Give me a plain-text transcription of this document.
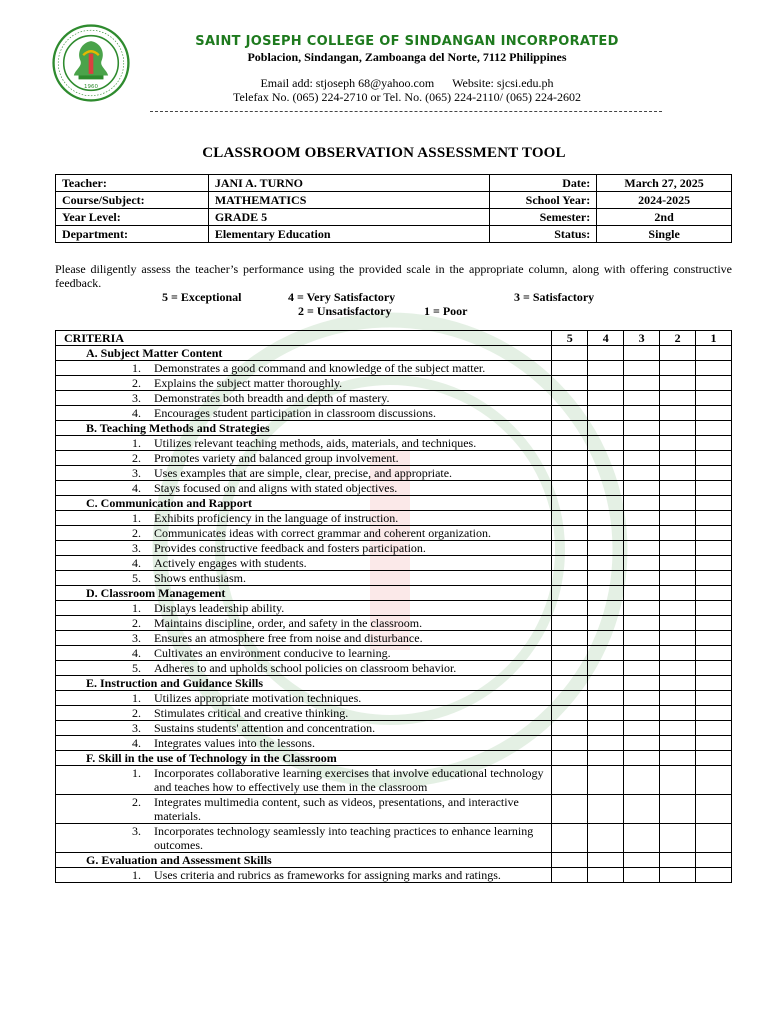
1960
SAINT JOSEPH COLLEGE OF SINDANGAN INCORPORATED
Poblacion, Sindangan, Zamboanga del Norte, 7112 Philippines
Email add: stjoseph 68@yahoo.com Website: sjcsi.edu.ph
Telefax No. (065) 224-2710 or Tel. No. (065) 224-2110/ (065) 224-2602
CLASSROOM OBSERVATION ASSESSMENT TOOL
Teacher:	JANI A. TURNO	Date:	March 27, 2025
Course/Subject:	MATHEMATICS	School Year:	2024-2025
Year Level:	GRADE 5	Semester:	2nd
Department:	Elementary Education	Status:	Single
Please diligently assess the teacher’s performance using the provided scale in the appropriate column, along with offering constructive feedback.
5 = Exceptional	4 = Very Satisfactory	3 = Satisfactory
2 = Unsatisfactory	1 = Poor
CRITERIA	5	4	3	2	1
A. Subject Matter Content					

1. Demonstrates a good command and knowledge of the subject matter.					

2. Explains the subject matter thoroughly.					

3. Demonstrates both breadth and depth of mastery.					

4. Encourages student participation in classroom discussions.					
B. Teaching Methods and Strategies					

1. Utilizes relevant teaching methods, aids, materials, and techniques.					

2. Promotes variety and balanced group involvement.					

3. Uses examples that are simple, clear, precise, and appropriate.					

4. Stays focused on and aligns with stated objectives.					
C. Communication and Rapport					

1. Exhibits proficiency in the language of instruction.					

2. Communicates ideas with correct grammar and coherent organization.					

3. Provides constructive feedback and fosters participation.					

4. Actively engages with students.					

5. Shows enthusiasm.					
D. Classroom Management					

1. Displays leadership ability.					

2. Maintains discipline, order, and safety in the classroom.					

3. Ensures an atmosphere free from noise and disturbance.					

4. Cultivates an environment conducive to learning.					

5. Adheres to and upholds school policies on classroom behavior.					
E. Instruction and Guidance Skills					

1. Utilizes appropriate motivation techniques.					

2. Stimulates critical and creative thinking.					

3. Sustains students' attention and concentration.					

4. Integrates values into the lessons.					
F. Skill in the use of Technology in the Classroom					

1. Incorporates collaborative learning exercises that involve educational technology and teaches how to effectively use them in the classroom					

2. Integrates multimedia content, such as videos, presentations, and interactive materials.					

3. Incorporates technology seamlessly into teaching practices to enhance learning outcomes.					
G. Evaluation and Assessment Skills					

1. Uses criteria and rubrics as frameworks for assigning marks and ratings.					
